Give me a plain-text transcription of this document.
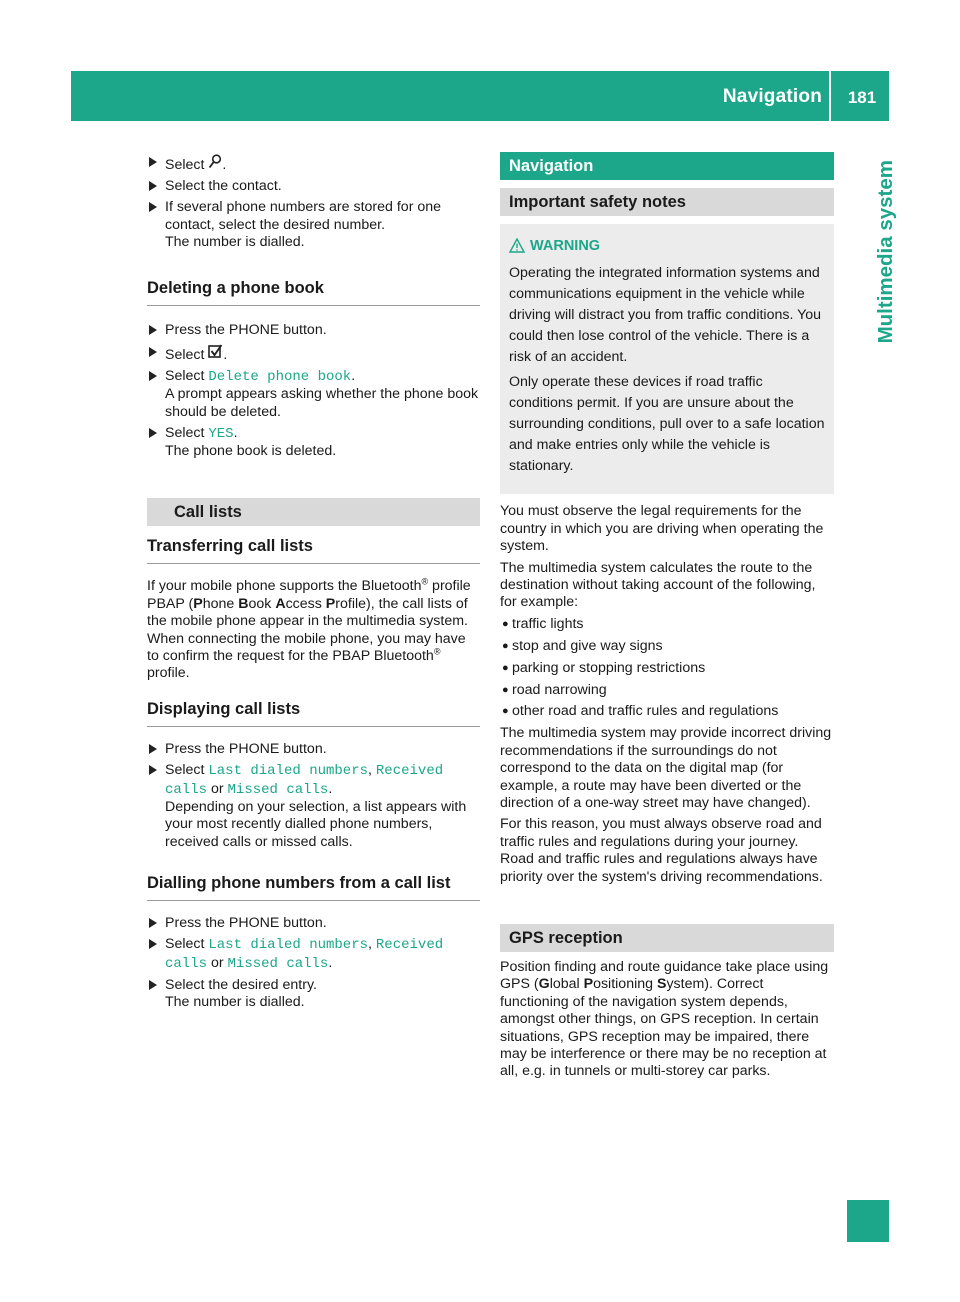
Navigation	181
Multimedia system
Select .
Select the contact.
If several phone numbers are stored for one contact, select the desired number.
The number is dialled.
Deleting a phone book
Press the PHONE button.
Select .
Select Delete phone book.
A prompt appears asking whether the phone book should be deleted.
Select YES.
The phone book is deleted.
Call lists
Transferring call lists

If your mobile phone supports the Bluetooth® profile PBAP (Phone Book Access Profile), the call lists of the mobile phone appear in the multimedia system. When connecting the mobile phone, you may have to confirm the request for the PBAP Bluetooth® profile.

Displaying call lists
Press the PHONE button.
Select Last dialed numbers, Received calls or Missed calls.
Depending on your selection, a list appears with your most recently dialled phone numbers, received calls or missed calls.
Dialling phone numbers from a call list
Press the PHONE button.
Select Last dialed numbers, Received calls or Missed calls.
Select the desired entry.
The number is dialled.
Navigation
Important safety notes
WARNING

Operating the integrated information systems and communications equipment in the vehicle while driving will distract you from traffic conditions. You could then lose control of the vehicle. There is a risk of an accident.

Only operate these devices if road traffic conditions permit. If you are unsure about the surrounding conditions, pull over to a safe location and make entries only while the vehicle is stationary.

You must observe the legal requirements for the country in which you are driving when operating the system.

The multimedia system calculates the route to the destination without taking account of the following, for example:

● traffic lights
● stop and give way signs
● parking or stopping restrictions
● road narrowing
● other road and traffic rules and regulations

The multimedia system may provide incorrect driving recommendations if the surroundings do not correspond to the data on the digital map (for example, a route may have been diverted or the direction of a one-way street may have changed).

For this reason, you must always observe road and traffic rules and regulations during your journey. Road and traffic rules and regulations always have priority over the system's driving recommendations.

GPS reception

Position finding and route guidance take place using GPS (Global Positioning System). Correct functioning of the navigation system depends, amongst other things, on GPS reception. In certain situations, GPS reception may be impaired, there may be interference or there may be no reception at all, e.g. in tunnels or multi-storey car parks.
